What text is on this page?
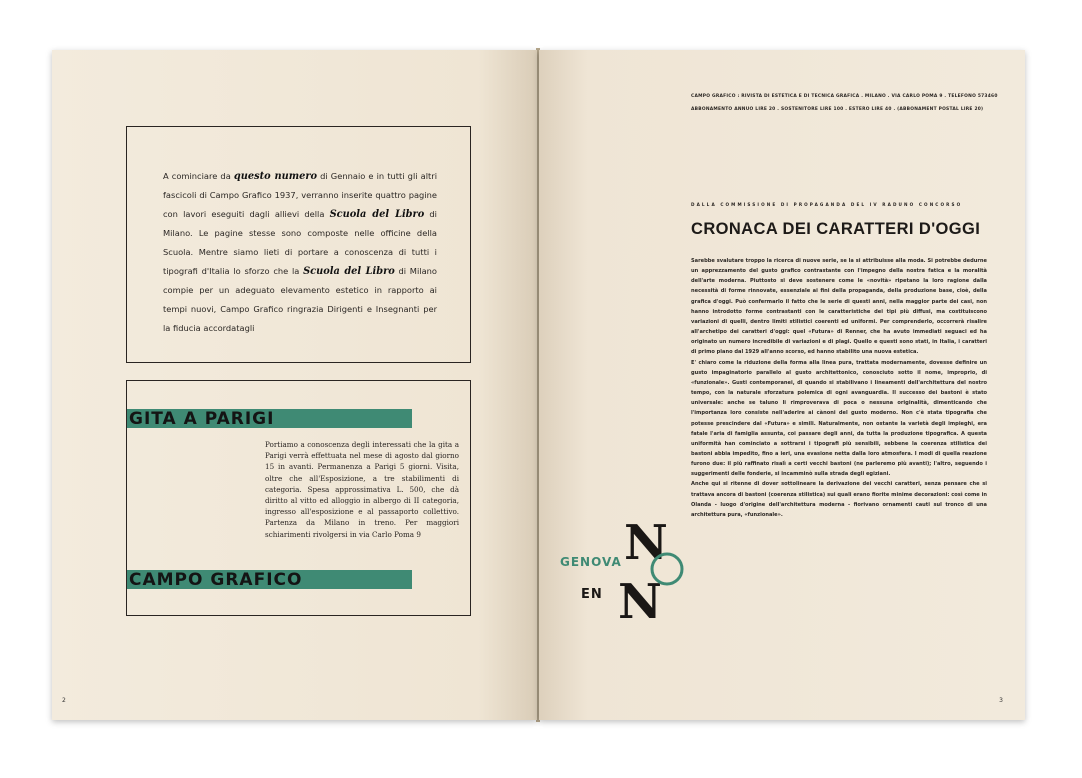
A cominciare da questo numero di Gennaio e in tutti gli altri fascicoli di Campo Grafico 1937, verranno inserite quattro pagine con lavori eseguiti dagli allievi della Scuola del Libro di Milano. Le pagine stesse sono composte nelle officine della Scuola. Mentre siamo lieti di portare a conoscenza di tutti i tipografi d'Italia lo sforzo che la Scuola del Libro di Milano compie per un adeguato elevamento estetico in rapporto ai tempi nuovi, Campo Grafico ringrazia Dirigenti e Insegnanti per la fiducia accordatagli
GITA A PARIGI
Portiamo a conoscenza degli interessati che la gita a Parigi verrà effettuata nel mese di agosto dal giorno 15 in avanti. Permanenza a Parigi 5 giorni. Visita, oltre che all'Esposizione, a tre stabilimenti di categoria. Spesa approssimativa L. 500, che dà diritto al vitto ed alloggio in albergo di II categoria, ingresso all'esposizione e al passaporto collettivo. Partenza da Milano in treno. Per maggiori schiarimenti rivolgersi in via Carlo Poma 9
CAMPO GRAFICO
2
CAMPO GRAFICO : RIVISTA DI ESTETICA E DI TECNICA GRAFICA . MILANO . VIA CARLO POMA 9 . TELEFONO 573460
ABBONAMENTO ANNUO LIRE 20 . SOSTENITORE LIRE 100 . ESTERO LIRE 40 . (ABBONAMENT POSTAL LIRE 20)
DALLA COMMISSIONE DI PROPAGANDA DEL IV RADUNO CONCORSO
CRONACA DEI CARATTERI D'OGGI

Sarebbe svalutare troppo la ricerca di nuove serie, se la si attribuisse alla moda. Si potrebbe dedurne un apprezzamento del gusto grafico contrastante con l'impegno della nostra fatica e la moralità dell'arte moderna. Piuttosto si deve sostenere come le «novità» ripetano la loro ragione dalla necessità di forme rinnovate, essenziale ai fini della propaganda, della produzione base, cioè, della grafica d'oggi. Può confermarlo il fatto che le serie di questi anni, nella maggior parte dei casi, non hanno introdotto forme contrastanti con le caratteristiche dei tipi più diffusi, ma costituiscono variazioni di quelli, dentro limiti stilistici coerenti ed uniformi. Per comprenderlo, occorrerà risalire all'archetipo dei caratteri d'oggi: quel «Futura» di Renner, che ha avuto immediati seguaci ed ha originato un numero incredibile di variazioni e di plagi. Quello e questi sono stati, in Italia, i caratteri di primo piano dal 1929 all'anno scorso, ed hanno stabilito una nuova estetica.

E' chiaro come la riduzione della forma alla linea pura, trattata modernamente, dovesse definire un gusto impaginatorio parallelo al gusto architettonico, conosciuto sotto il nome, improprio, di «funzionale». Gusti contemporanei, di quando si stabilivano i lineamenti dell'architettura del nostro tempo, con la naturale sforzatura polemica di ogni avanguardia. Il successo dei bastoni è stato universale: anche se taluno li rimproverava di poca o nessuna originalità, dimenticando che l'importanza loro consiste nell'aderire ai cànoni del gusto moderno. Non c'è stata tipografia che potesse prescindere dal «Futura» e simili. Naturalmente, non ostante la varietà degli impieghi, era fatale l'aria di famiglia assunta, coi passare degli anni, da tutta la produzione tipografica. A questa uniformità han cominciato a sottrarsi i tipografi più sensibili, sebbene la coerenza stilistica dei bastoni abbia impedito, fino a ieri, una evasione netta dalla loro atmosfera. I modi di quella reazione furono due: il più raffinato risalì a certi vecchi bastoni (ne parleremo più avanti); l'altro, seguendo i suggerimenti delle fonderie, si incamminò sulla strada degli egiziani.

Anche qui si ritenne di dover sottolineare la derivazione dei vecchi caratteri, senza pensare che si trattava ancora di bastoni (coerenza stilistica) sui quali erano fiorite minime decorazioni: così come in Olanda - luogo d'origine dell'architettura moderna - fiorivano ornamenti cauti sul tronco di una architettura pura, «funzionale».

GENOVA
EN
N
N
3
